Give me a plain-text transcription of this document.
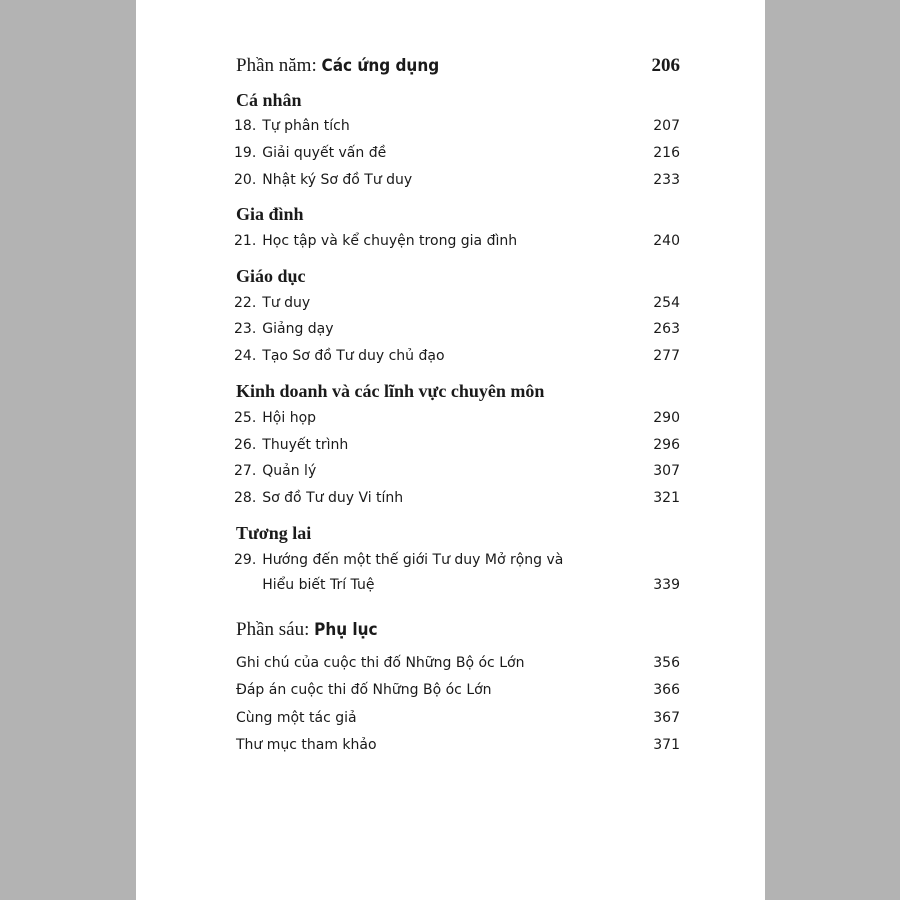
Phần năm: Các ứng dụng	206
Cá nhân
18. Tự phân tích	207
19. Giải quyết vấn đề	216
20. Nhật ký Sơ đồ Tư duy	233
Gia đình
21. Học tập và kể chuyện trong gia đình	240
Giáo dục
22. Tư duy	254
23. Giảng dạy	263
24. Tạo Sơ đồ Tư duy chủ đạo	277
Kinh doanh và các lĩnh vực chuyên môn
25. Hội họp	290
26. Thuyết trình	296
27. Quản lý	307
28. Sơ đồ Tư duy Vi tính	321
Tương lai
29. Hướng đến một thế giới Tư duy Mở rộng và
Hiểu biết Trí Tuệ	339
Phần sáu: Phụ lục
Ghi chú của cuộc thi đố Những Bộ óc Lớn	356
Đáp án cuộc thi đố Những Bộ óc Lớn	366
Cùng một tác giả	367
Thư mục tham khảo	371
